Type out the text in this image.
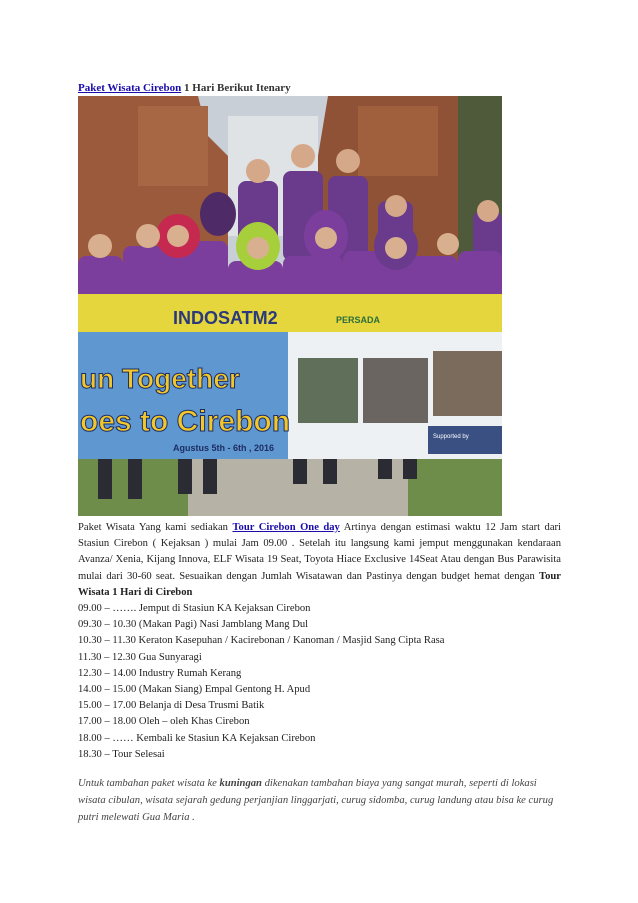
Paket Wisata Cirebon 1 Hari Berikut Itenary
INDOSATM2	PERSADA
un Together
oes to Cirebon
Agustus 5th - 6th , 2016
Supported by

Paket Wisata Yang kami sediakan Tour Cirebon One day Artinya dengan estimasi waktu 12 Jam start dari Stasiun Cirebon ( Kejaksan ) mulai Jam 09.00 . Setelah itu langsung kami jemput menggunakan kendaraan Avanza/ Xenia, Kijang Innova, ELF Wisata 19 Seat, Toyota Hiace Exclusive 14Seat Atau dengan Bus Parawisita mulai dari 30-60 seat. Sesuaikan dengan Jumlah Wisatawan dan Pastinya dengan budget hemat dengan Tour Wisata 1 Hari di Cirebon

09.00 – ……. Jemput di Stasiun KA Kejaksan Cirebon
09.30 – 10.30 (Makan Pagi) Nasi Jamblang Mang Dul
10.30 – 11.30 Keraton Kasepuhan / Kacirebonan / Kanoman / Masjid Sang Cipta Rasa
11.30 – 12.30 Gua Sunyaragi
12.30 – 14.00 Industry Rumah Kerang
14.00 – 15.00 (Makan Siang) Empal Gentong H. Apud
15.00 – 17.00 Belanja di Desa Trusmi Batik
17.00 – 18.00 Oleh – oleh Khas Cirebon
18.00 – …… Kembali ke Stasiun KA Kejaksan Cirebon
18.30 – Tour Selesai

Untuk tambahan paket wisata ke kuningan dikenakan tambahan biaya yang sangat murah, seperti di lokasi wisata cibulan, wisata sejarah gedung perjanjian linggarjati, curug sidomba, curug landung atau bisa ke curug putri melewati Gua Maria .
